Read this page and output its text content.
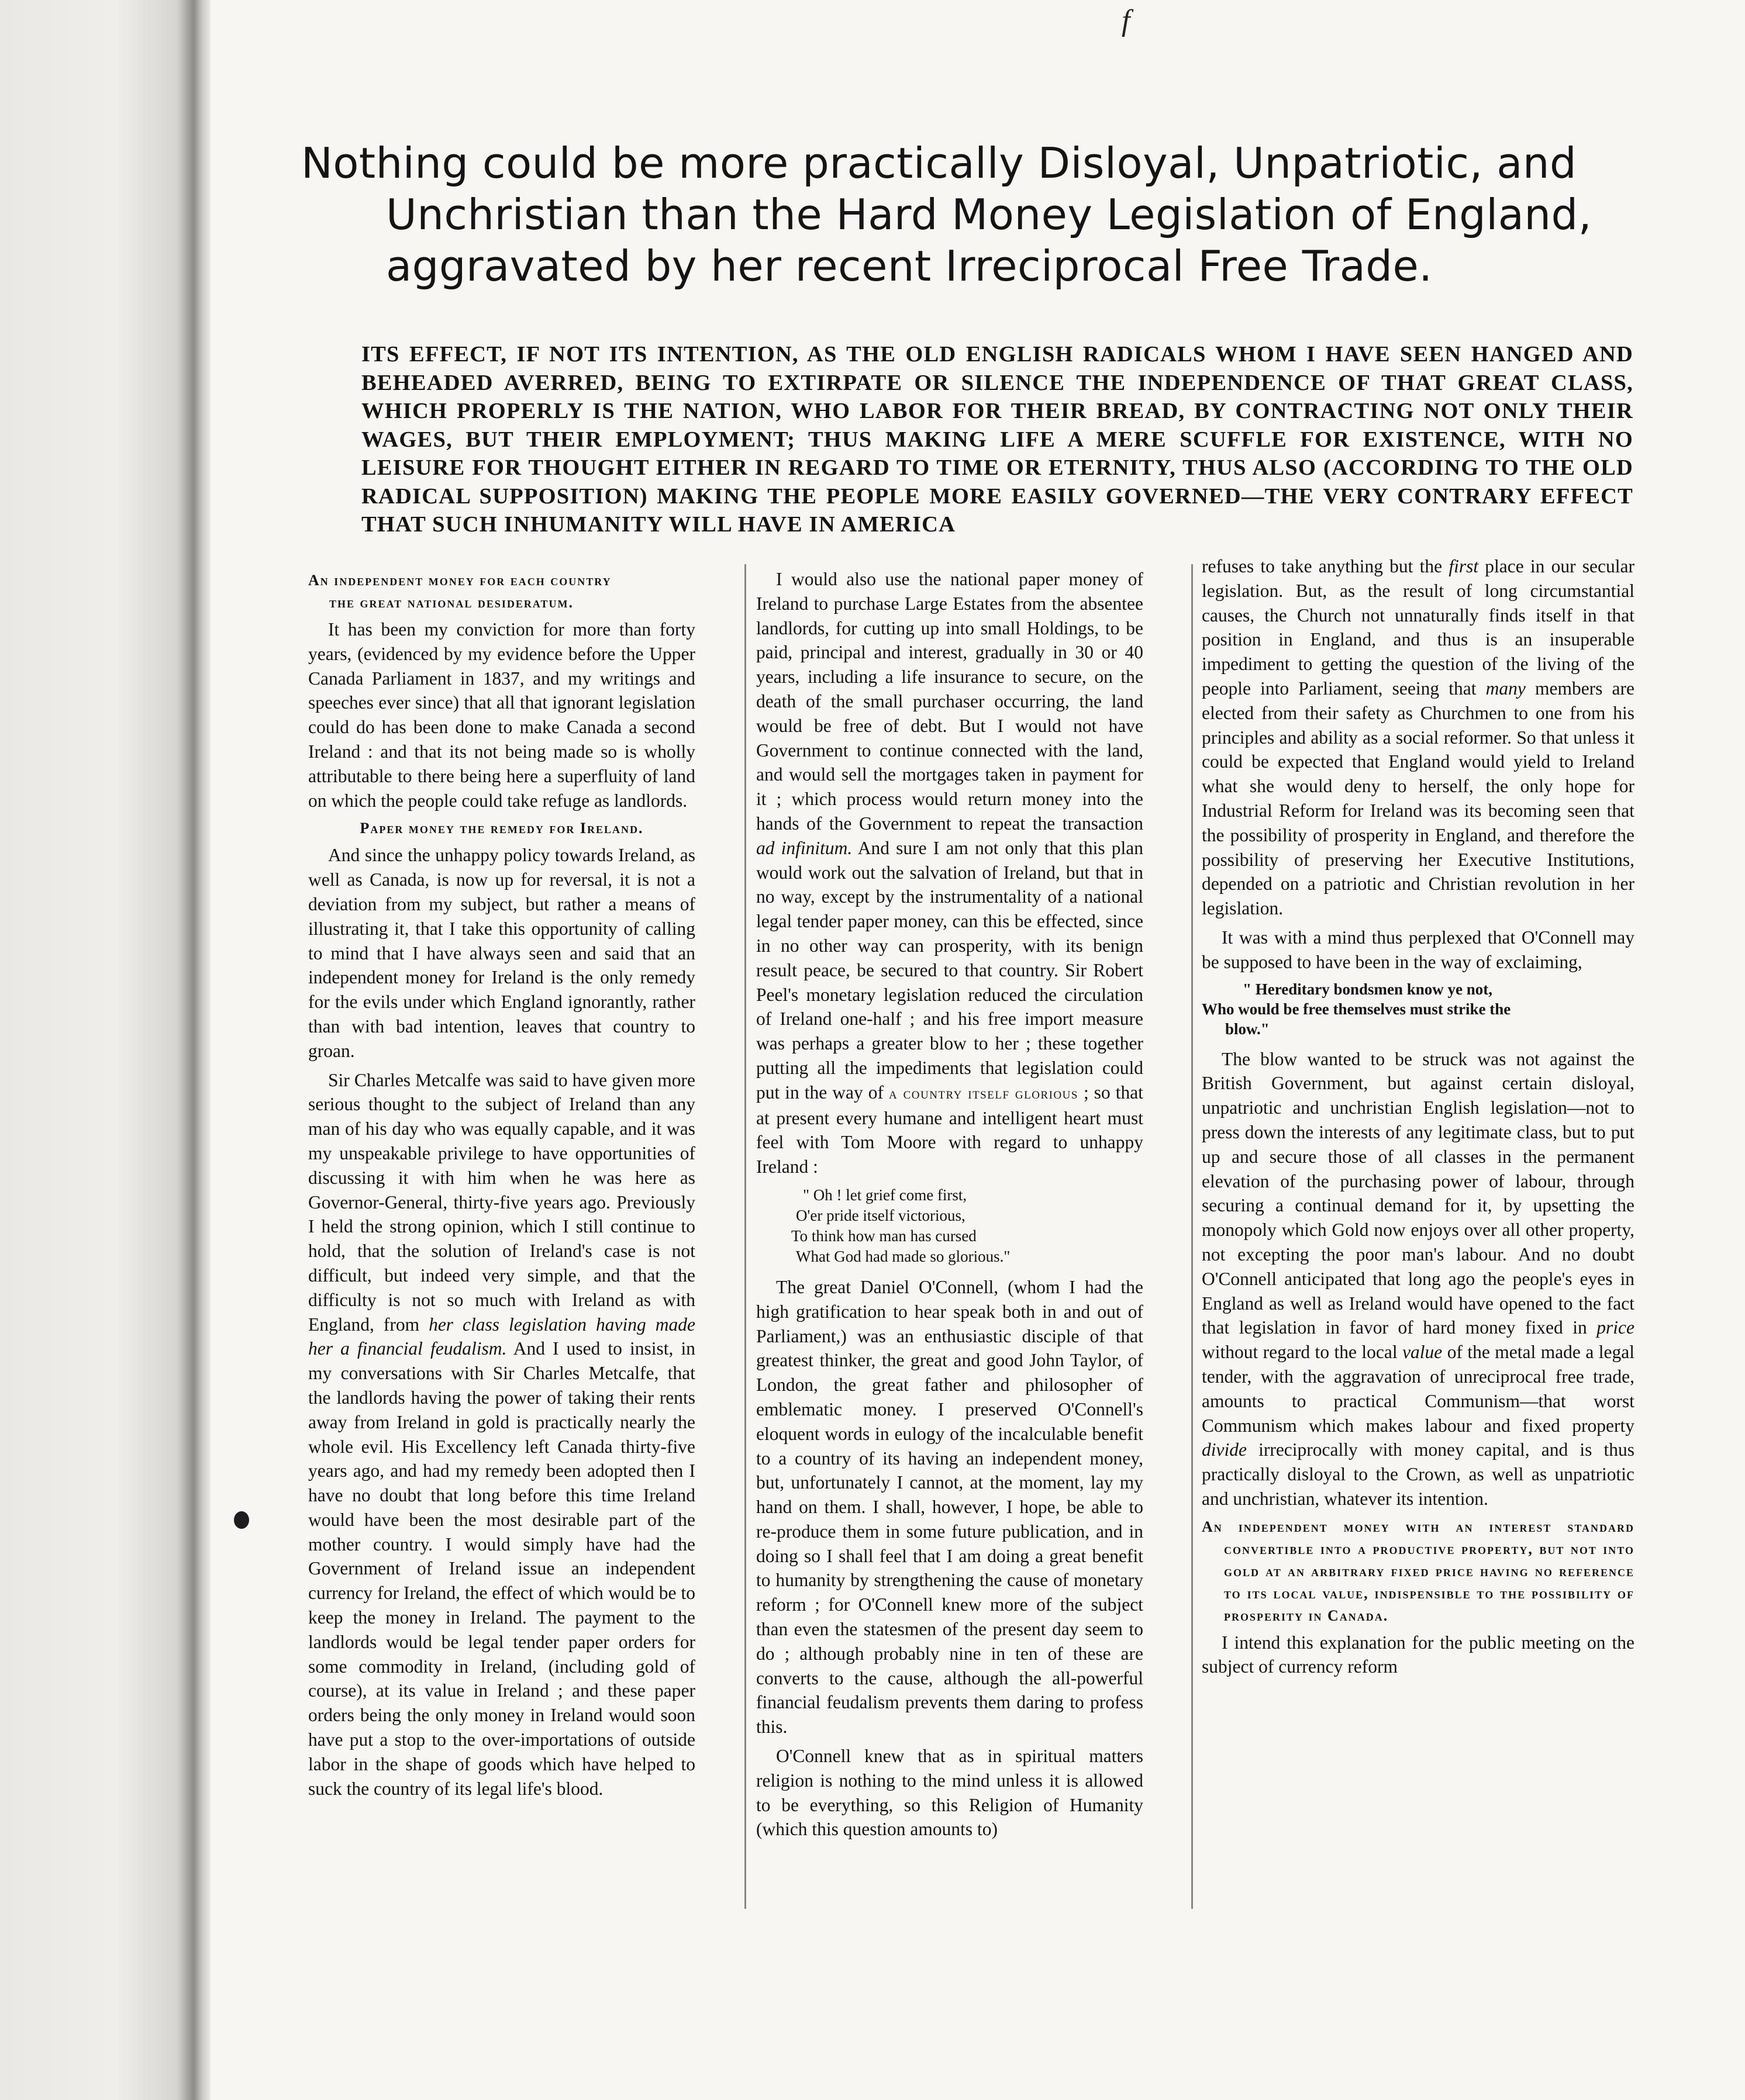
f
Nothing could be more practically Disloyal, Unpatriotic, and Unchristian than the Hard Money Legislation of England, aggravated by her recent Irreciprocal Free Trade.

ITS EFFECT, IF NOT ITS INTENTION, AS THE OLD ENGLISH RADICALS WHOM I HAVE SEEN HANGED AND BEHEADED AVERRED, BEING TO EXTIRPATE OR SILENCE THE INDEPENDENCE OF THAT GREAT CLASS, WHICH PROPERLY IS THE NATION, WHO LABOR FOR THEIR BREAD, BY CONTRACTING NOT ONLY THEIR WAGES, BUT THEIR EMPLOYMENT; THUS MAKING LIFE A MERE SCUFFLE FOR EXISTENCE, WITH NO LEISURE FOR THOUGHT EITHER IN REGARD TO TIME OR ETERNITY, THUS ALSO (ACCORDING TO THE OLD RADICAL SUPPOSITION) MAKING THE PEOPLE MORE EASILY GOVERNED—THE VERY CONTRARY EFFECT THAT SUCH INHUMANITY WILL HAVE IN AMERICA

An independent money for each country
the great national desideratum.

It has been my conviction for more than forty years, (evidenced by my evidence before the Upper Canada Parliament in 1837, and my writings and speeches ever since) that all that ignorant legislation could do has been done to make Canada a second Ireland : and that its not being made so is wholly attributable to there being here a superfluity of land on which the people could take refuge as landlords.

Paper money the remedy for Ireland.

And since the unhappy policy towards Ireland, as well as Canada, is now up for reversal, it is not a deviation from my subject, but rather a means of illustrating it, that I take this opportunity of calling to mind that I have always seen and said that an independent money for Ireland is the only remedy for the evils under which England ignorantly, rather than with bad intention, leaves that country to groan.

Sir Charles Metcalfe was said to have given more serious thought to the subject of Ireland than any man of his day who was equally capable, and it was my unspeakable privilege to have opportunities of discussing it with him when he was here as Governor-General, thirty-five years ago. Previously I held the strong opinion, which I still continue to hold, that the solution of Ireland's case is not difficult, but indeed very simple, and that the difficulty is not so much with Ireland as with England, from her class legislation having made her a financial feudalism. And I used to insist, in my conversations with Sir Charles Metcalfe, that the landlords having the power of taking their rents away from Ireland in gold is practically nearly the whole evil. His Excellency left Canada thirty-five years ago, and had my remedy been adopted then I have no doubt that long before this time Ireland would have been the most desirable part of the mother country. I would simply have had the Government of Ireland issue an independent currency for Ireland, the effect of which would be to keep the money in Ireland. The payment to the landlords would be legal tender paper orders for some commodity in Ireland, (including gold of course), at its value in Ireland ; and these paper orders being the only money in Ireland would soon have put a stop to the over-importations of outside labor in the shape of goods which have helped to suck the country of its legal life's blood.

I would also use the national paper money of Ireland to purchase Large Estates from the absentee landlords, for cutting up into small Holdings, to be paid, principal and interest, gradually in 30 or 40 years, including a life insurance to secure, on the death of the small purchaser occurring, the land would be free of debt. But I would not have Government to continue connected with the land, and would sell the mortgages taken in payment for it ; which process would return money into the hands of the Government to repeat the transaction ad infinitum. And sure I am not only that this plan would work out the salvation of Ireland, but that in no way, except by the instrumentality of a national legal tender paper money, can this be effected, since in no other way can prosperity, with its benign result peace, be secured to that country. Sir Robert Peel's monetary legislation reduced the circulation of Ireland one-half ; and his free import measure was perhaps a greater blow to her ; these together putting all the impediments that legislation could put in the way of a country itself glorious ; so that at present every humane and intelligent heart must feel with Tom Moore with regard to unhappy Ireland :

" Oh ! let grief come first,
O'er pride itself victorious,
To think how man has cursed
What God had made so glorious."

The great Daniel O'Connell, (whom I had the high gratification to hear speak both in and out of Parliament,) was an enthusiastic disciple of that greatest thinker, the great and good John Taylor, of London, the great father and philosopher of emblematic money. I preserved O'Connell's eloquent words in eulogy of the incalculable benefit to a country of its having an independent money, but, unfortunately I cannot, at the moment, lay my hand on them. I shall, however, I hope, be able to re-produce them in some future publication, and in doing so I shall feel that I am doing a great benefit to humanity by strengthening the cause of monetary reform ; for O'Connell knew more of the subject than even the statesmen of the present day seem to do ; although probably nine in ten of these are converts to the cause, although the all-powerful financial feudalism prevents them daring to profess this.

O'Connell knew that as in spiritual matters religion is nothing to the mind unless it is allowed to be everything, so this Religion of Humanity (which this question amounts to)

refuses to take anything but the first place in our secular legislation. But, as the result of long circumstantial causes, the Church not unnaturally finds itself in that position in England, and thus is an insuperable impediment to getting the question of the living of the people into Parliament, seeing that many members are elected from their safety as Churchmen to one from his principles and ability as a social reformer. So that unless it could be expected that England would yield to Ireland what she would deny to herself, the only hope for Industrial Reform for Ireland was its becoming seen that the possibility of prosperity in England, and therefore the possibility of preserving her Executive Institutions, depended on a patriotic and Christian revolution in her legislation.

It was with a mind thus perplexed that O'Connell may be supposed to have been in the way of exclaiming,

" Hereditary bondsmen know ye not,
Who would be free themselves must strike the
blow."

The blow wanted to be struck was not against the British Government, but against certain disloyal, unpatriotic and unchristian English legislation—not to press down the interests of any legitimate class, but to put up and secure those of all classes in the permanent elevation of the purchasing power of labour, through securing a continual demand for it, by upsetting the monopoly which Gold now enjoys over all other property, not excepting the poor man's labour. And no doubt O'Connell anticipated that long ago the people's eyes in England as well as Ireland would have opened to the fact that legislation in favor of hard money fixed in price without regard to the local value of the metal made a legal tender, with the aggravation of unreciprocal free trade, amounts to practical Communism—that worst Communism which makes labour and fixed property divide irreciprocally with money capital, and is thus practically disloyal to the Crown, as well as unpatriotic and unchristian, whatever its intention.

An independent money with an interest standard convertible into a productive property, but not into gold at an arbitrary fixed price having no reference to its local value, indispensible to the possibility of prosperity in Canada.

I intend this explanation for the public meeting on the subject of currency reform
